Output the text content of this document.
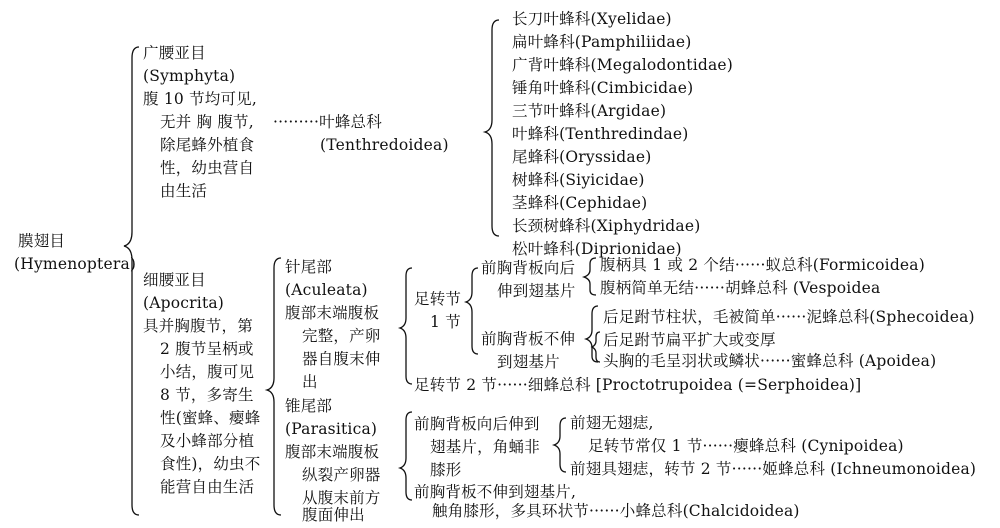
膜翅目
(Hymenoptera)
广腰亚目
(Symphyta)
腹 10 节均可见,
无并 胸 腹节,
除尾蜂外植食
性，幼虫营自
由生活
·········叶蜂总科
(Tenthredoidea)
长刀叶蜂科(Xyelidae)
扁叶蜂科(Pamphiliidae)
广背叶蜂科(Megalodontidae)
锤角叶蜂科(Cimbicidae)
三节叶蜂科(Argidae)
叶蜂科(Tenthredindae)
尾蜂科(Oryssidae)
树蜂科(Siyicidae)
茎蜂科(Cephidae)
长颈树蜂科(Xiphydridae)
松叶蜂科(Diprionidae)
细腰亚目
(Apocrita)
具并胸腹节，第
2 腹节呈柄或
小结，腹可见
8 节，多寄生
性(蜜蜂、瘿蜂
及小蜂部分植
食性)，幼虫不
能营自由生活
针尾部
(Aculeata)
腹部末端腹板
完整，产卵
器自腹末伸
出
足转节
1 节
前胸背板向后
伸到翅基片
前胸背板不伸
到翅基片
腹柄具 1 或 2 个结······蚁总科(Formicoidea)
腹柄简单无结······胡蜂总科 (Vespoidea
后足跗节柱状，毛被简单······泥蜂总科(Sphecoidea)
后足跗节扁平扩大或变厚
头胸的毛呈羽状或鳞状······蜜蜂总科 (Apoidea)
足转节 2 节······细蜂总科 [Proctotrupoidea (=Serphoidea)]
锥尾部
(Parasitica)
腹部末端腹板
纵裂产卵器
从腹末前方
腹面伸出
前胸背板向后伸到
翅基片，角蛹非
膝形
前翅无翅痣,
足转节常仅 1 节······瘿蜂总科 (Cynipoidea)
前翅具翅痣，转节 2 节······姬蜂总科 (Ichneumonoidea)
前胸背板不伸到翅基片,
触角膝形，多具环状节······小蜂总科(Chalcidoidea)
